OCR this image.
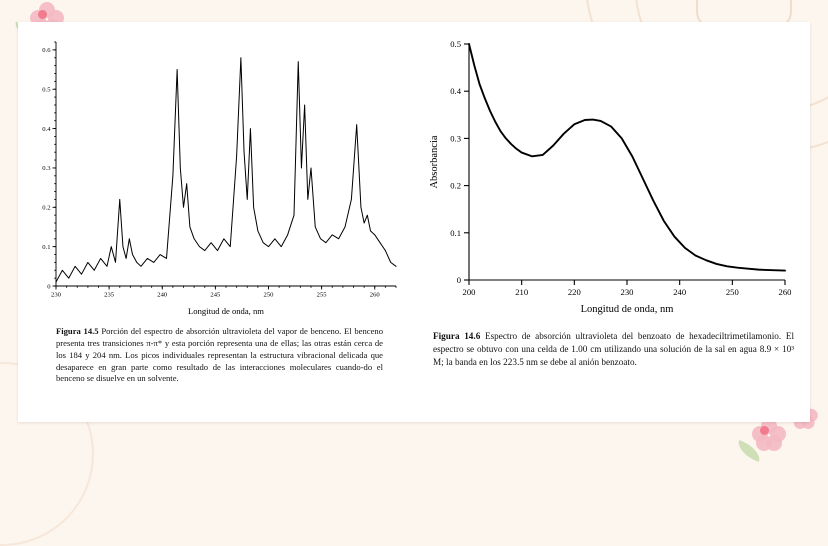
230	235	240	245	250	255	260
0
0.1
0.2
0.3
0.4
0.5
0.6
Longitud de onda, nm
Figura 14.5 Porción del espectro de absorción ultravioleta del vapor de benceno. El benceno presenta tres transiciones π-π* y esta porción representa una de ellas; las otras están cerca de los 184 y 204 nm. Los picos individuales representan la estructura vibracional delicada que desaparece en gran parte como resultado de las interacciones moleculares cuando-do el benceno se disuelve en un solvente.
200	210	220	230	240	250	260
0
0.1
0.2
0.3
0.4
0.5
Longitud de onda, nm
Absorbancia
Figura 14.6 Espectro de absorción ultravioleta del benzoato de hexadeciltrimetilamonio. El espectro se obtuvo con una celda de 1.00 cm utilizando una solución de la sal en agua 8.9 × 10³ M; la banda en los 223.5 nm se debe al anión benzoato.
